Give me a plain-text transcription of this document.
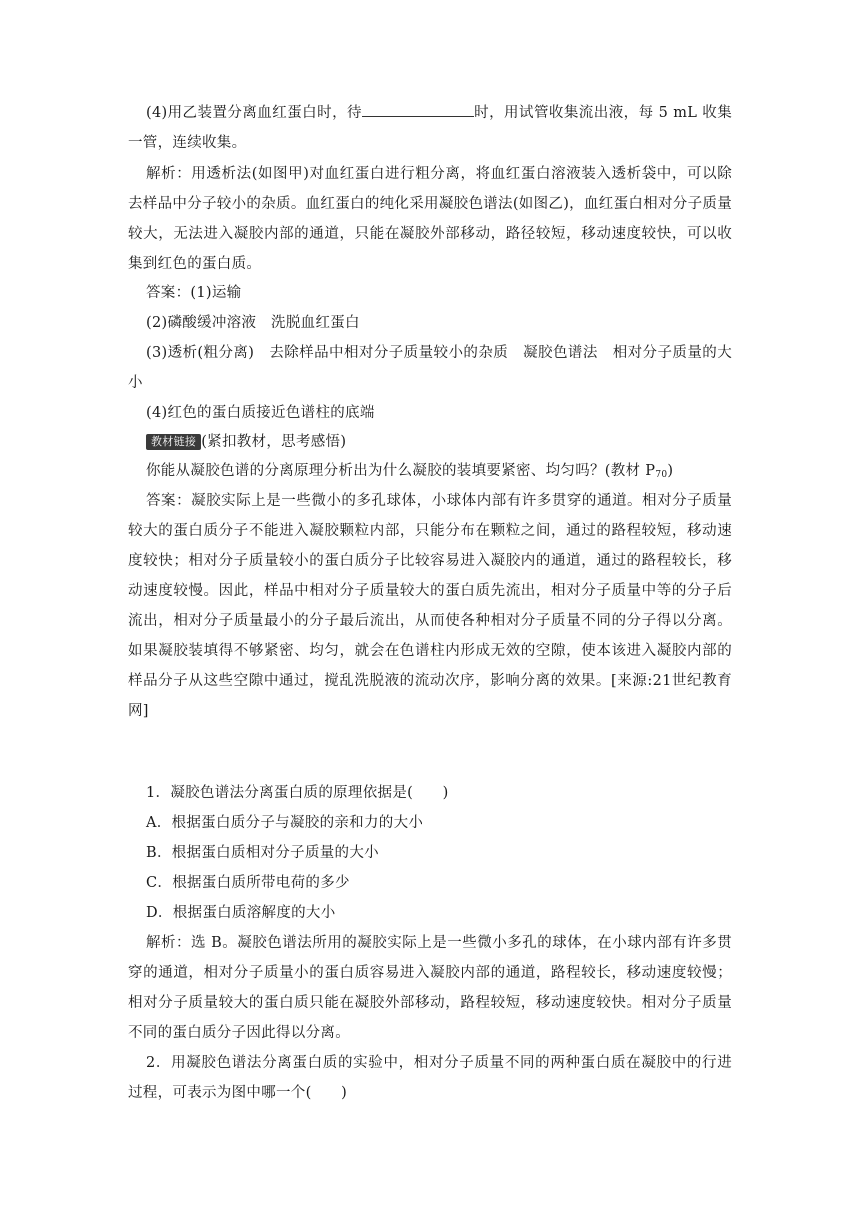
(4)用乙装置分离血红蛋白时，待	时，用试管收集流出液，每 5 mL 收集一管，连续收集。
解析：用透析法(如图甲)对血红蛋白进行粗分离，将血红蛋白溶液装入透析袋中，可以除去样品中分子较小的杂质。血红蛋白的纯化采用凝胶色谱法(如图乙)，血红蛋白相对分子质量较大，无法进入凝胶内部的通道，只能在凝胶外部移动，路径较短，移动速度较快，可以收集到红色的蛋白质。
答案：(1)运输
(2)磷酸缓冲溶液　洗脱血红蛋白
(3)透析(粗分离)　去除样品中相对分子质量较小的杂质　凝胶色谱法　相对分子质量的大小
(4)红色的蛋白质接近色谱柱的底端
教材链接 (紧扣教材，思考感悟)
你能从凝胶色谱的分离原理分析出为什么凝胶的装填要紧密、均匀吗？(教材 $P_{70}$)
答案：凝胶实际上是一些微小的多孔球体，小球体内部有许多贯穿的通道。相对分子质量较大的蛋白质分子不能进入凝胶颗粒内部，只能分布在颗粒之间，通过的路程较短，移动速度较快；相对分子质量较小的蛋白质分子比较容易进入凝胶内的通道，通过的路程较长，移动速度较慢。因此，样品中相对分子质量较大的蛋白质先流出，相对分子质量中等的分子后流出，相对分子质量最小的分子最后流出，从而使各种相对分子质量不同的分子得以分离。如果凝胶装填得不够紧密、均匀，就会在色谱柱内形成无效的空隙，使本该进入凝胶内部的样品分子从这些空隙中通过，搅乱洗脱液的流动次序，影响分离的效果。[来源:21世纪教育网]
1．凝胶色谱法分离蛋白质的原理依据是(　　)
A．根据蛋白质分子与凝胶的亲和力的大小
B．根据蛋白质相对分子质量的大小
C．根据蛋白质所带电荷的多少
D．根据蛋白质溶解度的大小
解析：选 B。凝胶色谱法所用的凝胶实际上是一些微小多孔的球体，在小球内部有许多贯穿的通道，相对分子质量小的蛋白质容易进入凝胶内部的通道，路程较长，移动速度较慢；相对分子质量较大的蛋白质只能在凝胶外部移动，路程较短，移动速度较快。相对分子质量不同的蛋白质分子因此得以分离。
2．用凝胶色谱法分离蛋白质的实验中，相对分子质量不同的两种蛋白质在凝胶中的行进过程，可表示为图中哪一个(　　)
